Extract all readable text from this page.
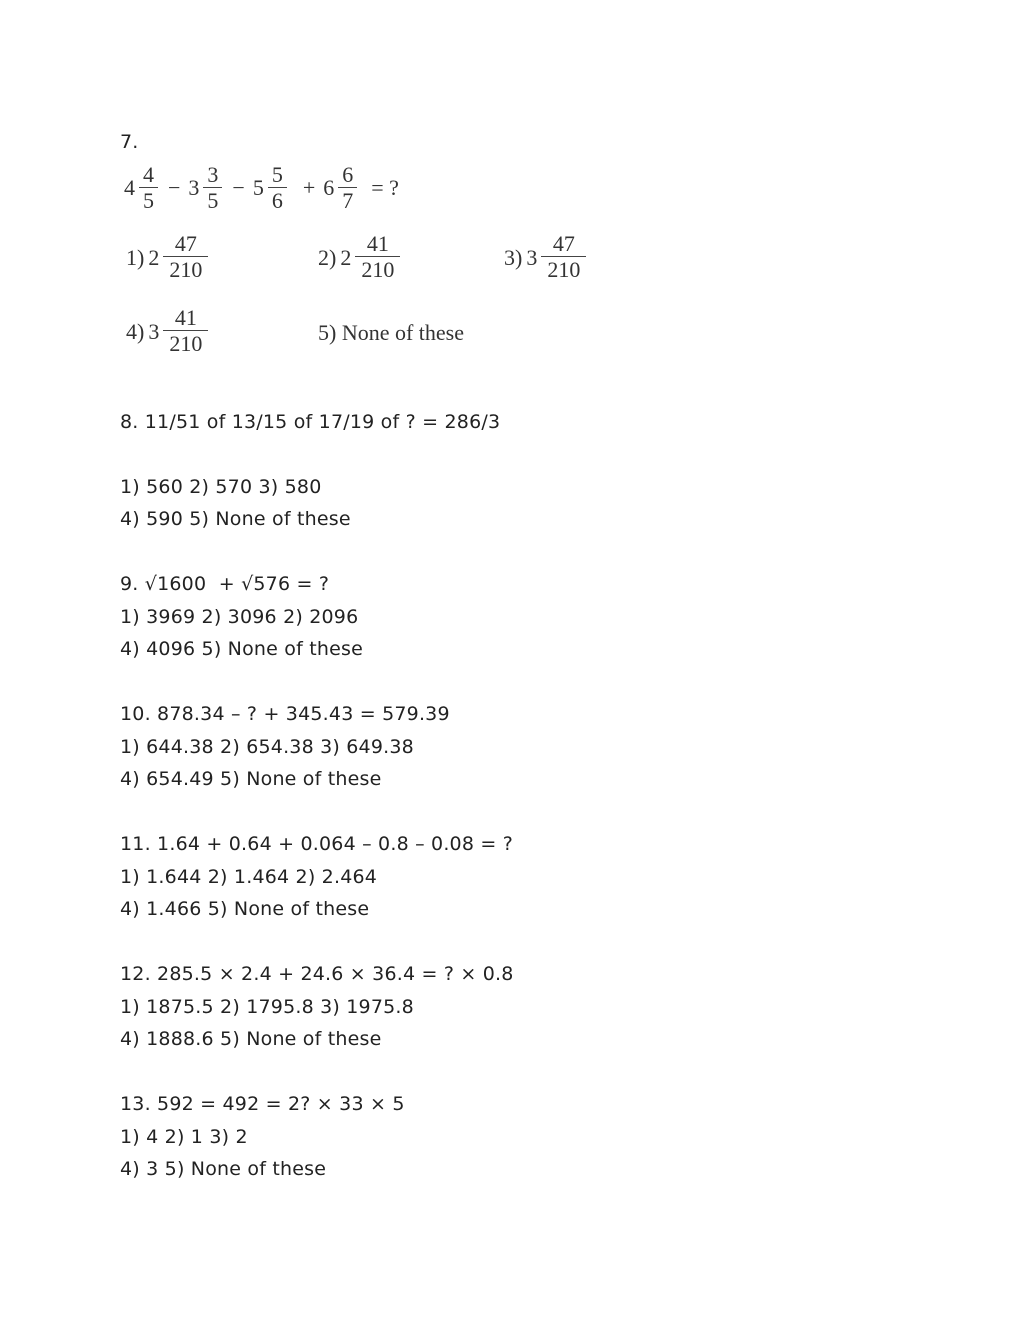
7.
$4 \frac{4}{5} - 3 \frac{3}{5} - 5 \frac{5}{6} + 6 \frac{6}{7}$ = ?
1) $2 \frac{47}{210}$	2) $2 \frac{41}{210}$	3) $3 \frac{47}{210}$
4) $3 \frac{41}{210}$	5) None of these
8. 11/51 of 13/15 of 17/19 of ? = 286/3
1) 560 2) 570 3) 580
4) 590 5) None of these
9. √1600  + √576 = ?
1) 3969 2) 3096 2) 2096
4) 4096 5) None of these
10. 878.34 – ? + 345.43 = 579.39
1) 644.38 2) 654.38 3) 649.38
4) 654.49 5) None of these
11. 1.64 + 0.64 + 0.064 – 0.8 – 0.08 = ?
1) 1.644 2) 1.464 2) 2.464
4) 1.466 5) None of these
12. 285.5 × 2.4 + 24.6 × 36.4 = ? × 0.8
1) 1875.5 2) 1795.8 3) 1975.8
4) 1888.6 5) None of these
13. 592 = 492 = 2? × 33 × 5
1) 4 2) 1 3) 2
4) 3 5) None of these
